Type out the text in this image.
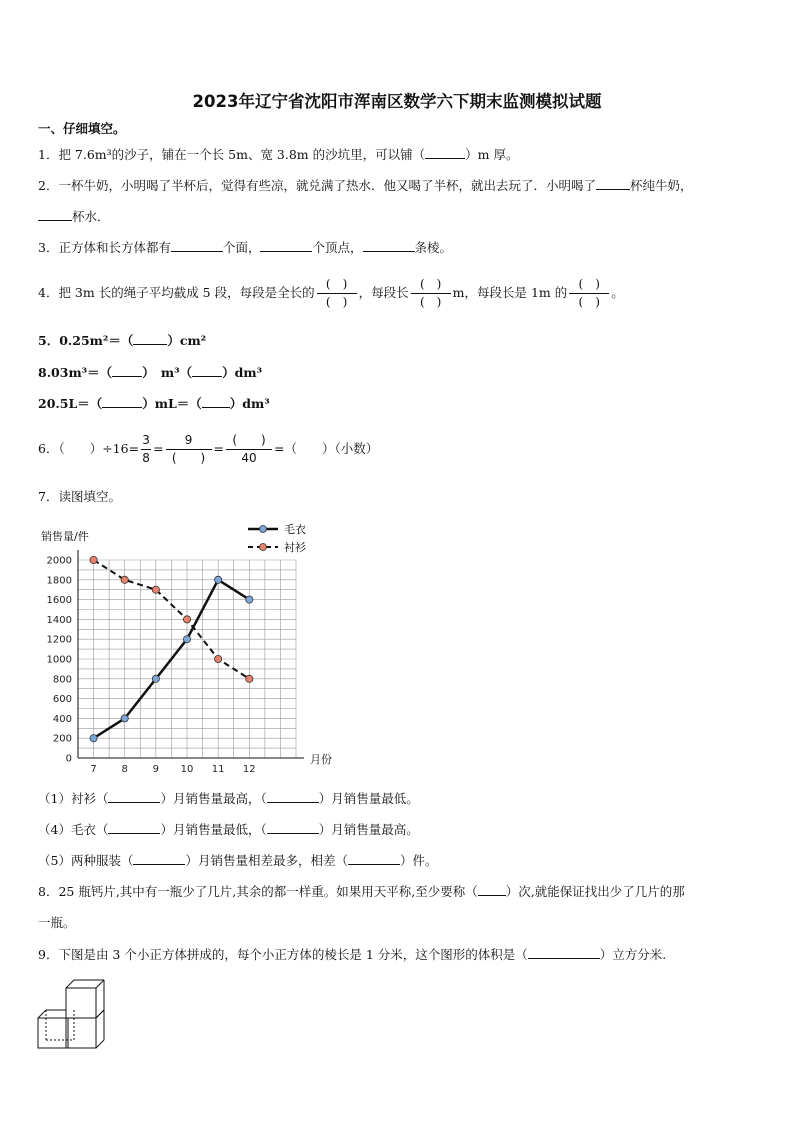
2023年辽宁省沈阳市浑南区数学六下期末监测模拟试题
一、仔细填空。
1．把 7.6m³的沙子，铺在一个长 5m、宽 3.8m 的沙坑里，可以铺（	）m 厚。
2．一杯牛奶，小明喝了半杯后，觉得有些凉，就兑满了热水．他又喝了半杯，就出去玩了．小明喝了	杯纯牛奶，
杯水．
3．正方体和长方体都有	个面，	个顶点，	条棱。
4．把 3m 长的绳子平均截成 5 段，每段是全长的 $\frac{( )}{( )}$ ，每段长 $\frac{( )}{( )}$ m，每段长是 1m 的 $\frac{( )}{( )}$ 。
5．0.25m²＝（	）cm²
8.03m³＝（ ）　m³（ ）dm³
20.5L＝（	）mL＝（ ）dm³
6．（　　）$\div 16= \frac{3}{8} = \frac{9}{( )} = \frac{( )}{40}$ =（　　）（小数）
7．读图填空。
销售量/件
月份
0
200
400
600
800
1000
1200
1400
1600
1800
2000
7 8 9 10 11 12
毛衣
衬衫
（1）衬衫（	）月销售量最高，（	）月销售量最低。
（4）毛衣（	）月销售量最低，（	）月销售量最高。
（5）两种服装（	）月销售量相差最多，相差（	）件。
8．25 瓶钙片,其中有一瓶少了几片,其余的都一样重。如果用天平称,至少要称（ ）次,就能保证找出少了几片的那
一瓶。
9．下图是由 3 个小正方体拼成的，每个小正方体的棱长是 1 分米，这个图形的体积是（	）立方分米.
